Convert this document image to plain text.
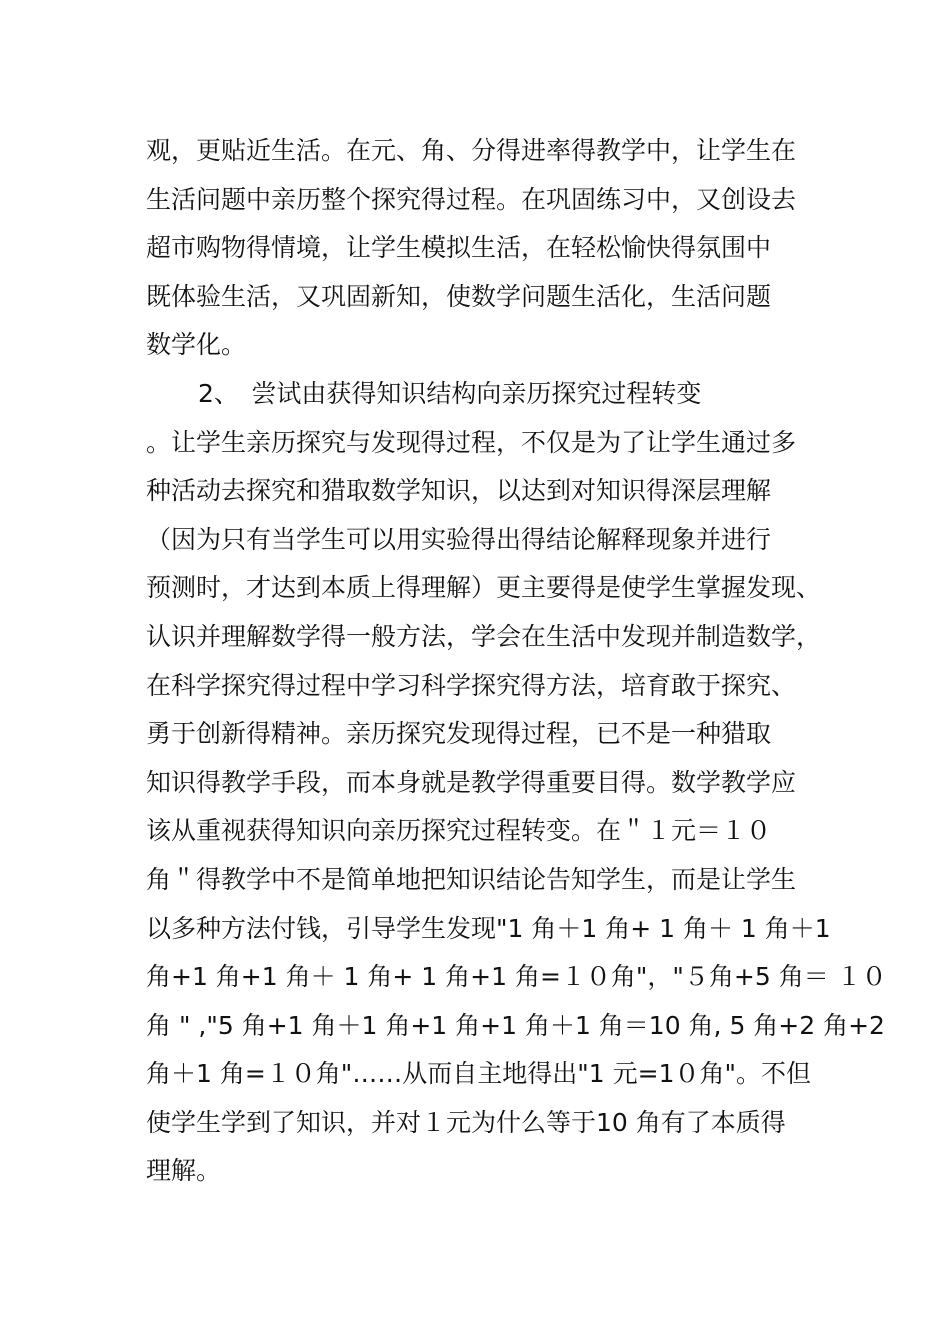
观，更贴近生活。在元、角、分得进率得教学中，让学生在
生活问题中亲历整个探究得过程。在巩固练习中，又创设去
超市购物得情境，让学生模拟生活，在轻松愉快得氛围中
既体验生活，又巩固新知，使数学问题生活化，生活问题
数学化。
2、　尝试由获得知识结构向亲历探究过程转变
。让学生亲历探究与发现得过程，不仅是为了让学生通过多
种活动去探究和猎取数学知识，以达到对知识得深层理解
（因为只有当学生可以用实验得出得结论解释现象并进行
预测时，才达到本质上得理解）更主要得是使学生掌握发现、
认识并理解数学得一般方法，学会在生活中发现并制造数学，
在科学探究得过程中学习科学探究得方法，培育敢于探究、
勇于创新得精神。亲历探究发现得过程，已不是一种猎取
知识得教学手段，而本身就是教学得重要目得。数学教学应
该从重视获得知识向亲历探究过程转变。在＂１元＝１０
角＂得教学中不是简单地把知识结论告知学生，而是让学生
以多种方法付钱，引导学生发现"1 角＋1 角+ 1 角＋ 1 角＋1
角+1 角+1 角＋ 1 角+ 1 角+1 角=１０角"，"５角+5 角＝ １０
角 " ,"5 角+1 角＋1 角+1 角+1 角＋1 角＝10 角, 5 角+2 角+2
角＋1 角=１０角"……从而自主地得出"1 元=1０角"。不但
使学生学到了知识，并对１元为什么等于10 角有了本质得
理解。
